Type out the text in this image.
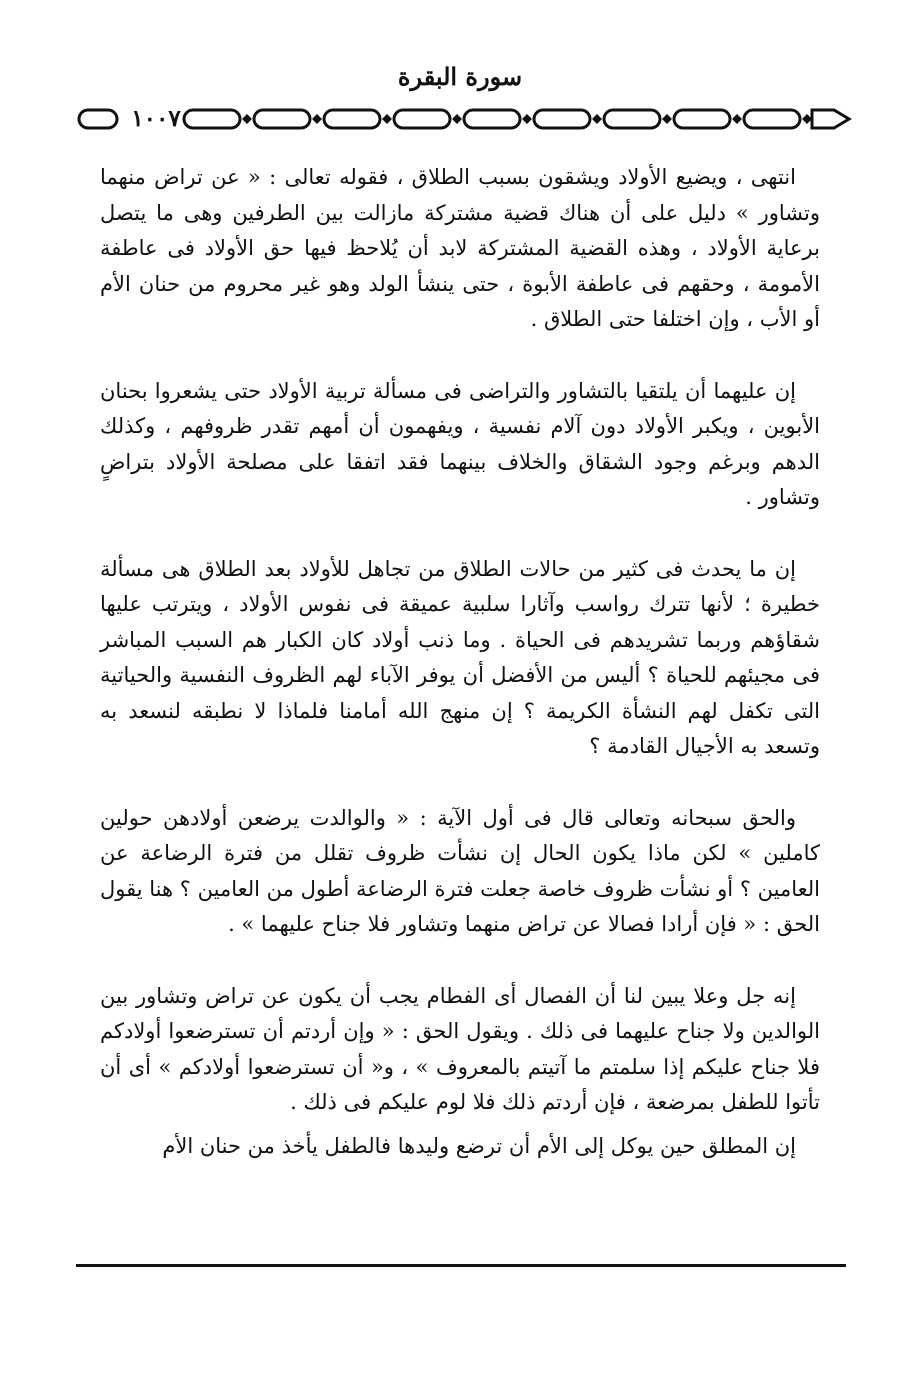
سورة البقرة
١٠٠٧

انتهى ، ويضيع الأولاد ويشقون بسبب الطلاق ، فقوله تعالى : « عن تراض منهما وتشاور » دليل على أن هناك قضية مشتركة مازالت بين الطرفين وهى ما يتصل برعاية الأولاد ، وهذه القضية المشتركة لابد أن يُلاحظ فيها حق الأولاد فى عاطفة الأمومة ، وحقهم فى عاطفة الأبوة ، حتى ينشأ الولد وهو غير محروم من حنان الأم أو الأب ، وإن اختلفا حتى الطلاق .

إن عليهما أن يلتقيا بالتشاور والتراضى فى مسألة تربية الأولاد حتى يشعروا بحنان الأبوين ، ويكبر الأولاد دون آلام نفسية ، ويفهمون أن أمهم تقدر ظروفهم ، وكذلك الدهم وبرغم وجود الشقاق والخلاف بينهما فقد اتفقا على مصلحة الأولاد بتراضٍ وتشاور .

إن ما يحدث فى كثير من حالات الطلاق من تجاهل للأولاد بعد الطلاق هى مسألة خطيرة ؛ لأنها تترك رواسب وآثارا سلبية عميقة فى نفوس الأولاد ، ويترتب عليها شقاؤهم وربما تشريدهم فى الحياة . وما ذنب أولاد كان الكبار هم السبب المباشر فى مجيئهم للحياة ؟ أليس من الأفضل أن يوفر الآباء لهم الظروف النفسية والحياتية التى تكفل لهم النشأة الكريمة ؟ إن منهج الله أمامنا فلماذا لا نطبقه لنسعد به وتسعد به الأجيال القادمة ؟

والحق سبحانه وتعالى قال فى أول الآية : « والوالدت يرضعن أولادهن حولين كاملين » لكن ماذا يكون الحال إن نشأت ظروف تقلل من فترة الرضاعة عن العامين ؟ أو نشأت ظروف خاصة جعلت فترة الرضاعة أطول من العامين ؟ هنا يقول الحق : « فإن أرادا فصالا عن تراض منهما وتشاور فلا جناح عليهما » .

إنه جل وعلا يبين لنا أن الفصال أى الفطام يجب أن يكون عن تراض وتشاور بين الوالدين ولا جناح عليهما فى ذلك . ويقول الحق : « وإن أردتم أن تسترضعوا أولادكم فلا جناح عليكم إذا سلمتم ما آتيتم بالمعروف » ، و« أن تسترضعوا أولادكم » أى أن تأتوا للطفل بمرضعة ، فإن أردتم ذلك فلا لوم عليكم فى ذلك .

إن المطلق حين يوكل إلى الأم أن ترضع وليدها فالطفل يأخذ من حنان الأم
